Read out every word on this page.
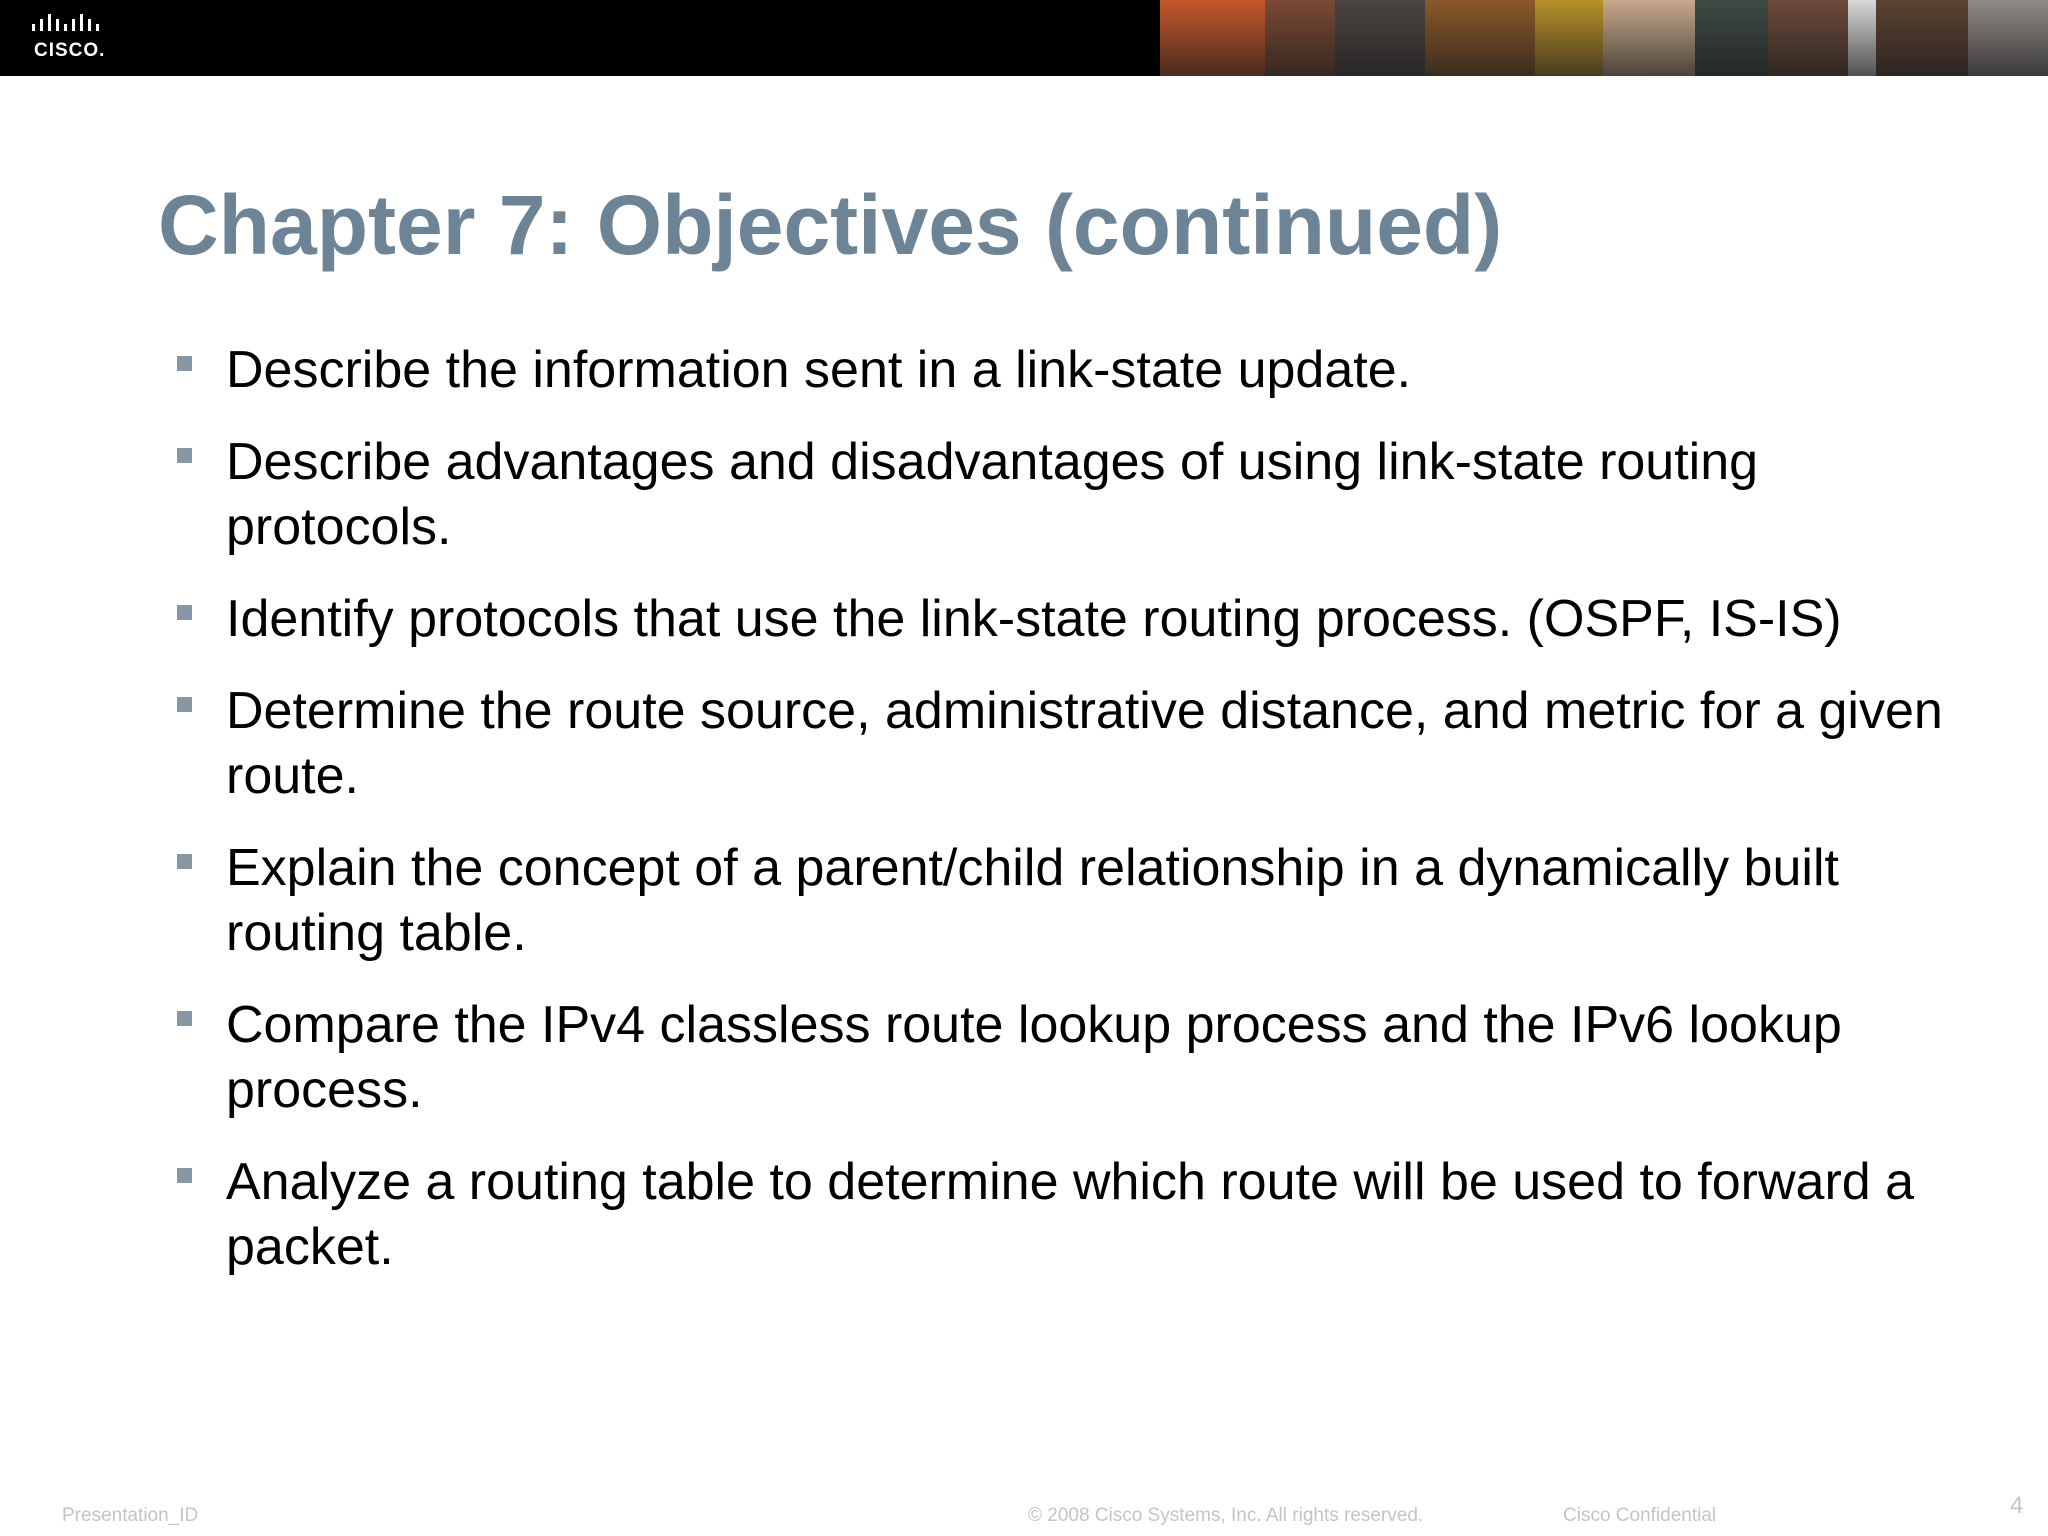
CISCO.
Chapter 7: Objectives (continued)
Describe the information sent in a link-state update.
Describe advantages and disadvantages of using link-state routing protocols.
Identify protocols that use the link-state routing process. (OSPF, IS-IS)
Determine the route source, administrative distance, and metric for a given route.
Explain the concept of a parent/child relationship in a dynamically built routing table.
Compare the IPv4 classless route lookup process and the IPv6 lookup process.
Analyze a routing table to determine which route will be used to forward a packet.
Presentation_ID	© 2008 Cisco Systems, Inc. All rights reserved.	Cisco Confidential	4
